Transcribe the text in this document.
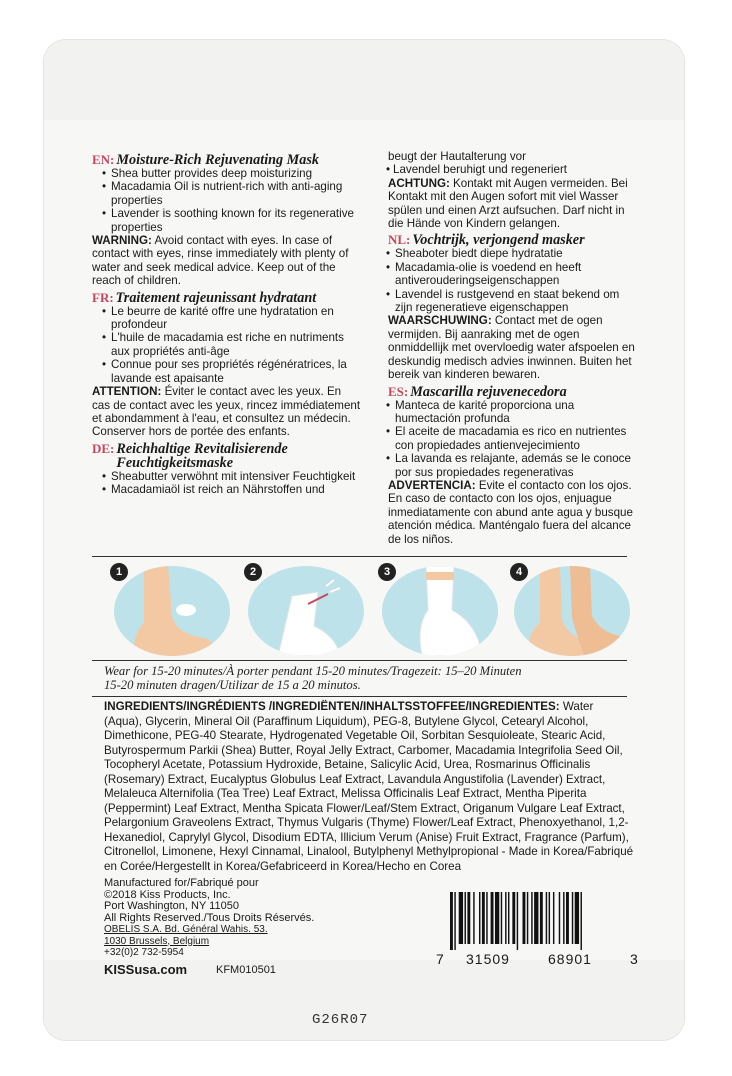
EN: Moisture-Rich Rejuvenating Mask
• Shea butter provides deep moisturizing
• Macadamia Oil is nutrient-rich with anti-aging properties
• Lavender is soothing known for its regenerative properties

WARNING: Avoid contact with eyes. In case of contact with eyes, rinse immediately with plenty of water and seek medical advice. Keep out of the reach of children.

FR: Traitement rajeunissant hydratant
• Le beurre de karité offre une hydratation en profondeur
• L'huile de macadamia est riche en nutriments aux propriétés anti-âge
• Connue pour ses propriétés régénératrices, la lavande est apaisante

ATTENTION: Éviter le contact avec les yeux. En cas de contact avec les yeux, rincez immédiatement et abondamment à l'eau, et consultez un médecin. Conserver hors de portée des enfants.

DE: Reichhaltige Revitalisierende Feuchtigkeitsmaske
• Sheabutter verwöhnt mit intensiver Feuchtigkeit
• Macadamiaöl ist reich an Nährstoffen und

beugt der Hautalterung vor

• Lavendel beruhigt und regeneriert

ACHTUNG: Kontakt mit Augen vermeiden. Bei Kontakt mit den Augen sofort mit viel Wasser spülen und einen Arzt aufsuchen. Darf nicht in die Hände von Kindern gelangen.

NL: Vochtrijk, verjongend masker
• Sheaboter biedt diepe hydratatie
• Macadamia-olie is voedend en heeft antiverouderingseigenschappen
• Lavendel is rustgevend en staat bekend om zijn regeneratieve eigenschappen

WAARSCHUWING: Contact met de ogen vermijden. Bij aanraking met de ogen onmiddellijk met overvloedig water afspoelen en deskundig medisch advies inwinnen. Buiten het bereik van kinderen bewaren.

ES: Mascarilla rejuvenecedora
• Manteca de karité proporciona una humectación profunda
• El aceite de macadamia es rico en nutrientes con propiedades antienvejecimiento
• La lavanda es relajante, además se le conoce por sus propiedades regenerativas

ADVERTENCIA: Evite el contacto con los ojos. En caso de contacto con los ojos, enjuague inmediatamente con abund ante agua y busque atención médica. Manténgalo fuera del alcance de los niños.

1	2	3	4
Wear for 15-20 minutes/À porter pendant 15-20 minutes/Tragezeit: 15–20 Minuten
15-20 minuten dragen/Utilizar de 15 a 20 minutos.

INGREDIENTS/INGRÉDIENTS /INGREDIËNTEN/INHALTSSTOFFEE/INGREDIENTES: Water (Aqua), Glycerin, Mineral Oil (Paraffinum Liquidum), PEG-8, Butylene Glycol, Cetearyl Alcohol, Dimethicone, PEG-40 Stearate, Hydrogenated Vegetable Oil, Sorbitan Sesquioleate, Stearic Acid, Butyrospermum Parkii (Shea) Butter, Royal Jelly Extract, Carbomer, Macadamia Integrifolia Seed Oil, Tocopheryl Acetate, Potassium Hydroxide, Betaine, Salicylic Acid, Urea, Rosmarinus Officinalis (Rosemary) Extract, Eucalyptus Globulus Leaf Extract, Lavandula Angustifolia (Lavender) Extract, Melaleuca Alternifolia (Tea Tree) Leaf Extract, Melissa Officinalis Leaf Extract, Mentha Piperita (Peppermint) Leaf Extract, Mentha Spicata Flower/Leaf/Stem Extract, Origanum Vulgare Leaf Extract, Pelargonium Graveolens Extract, Thymus Vulgaris (Thyme) Flower/Leaf Extract, Phenoxyethanol, 1,2-Hexanediol, Caprylyl Glycol, Disodium EDTA, Illicium Verum (Anise) Fruit Extract, Fragrance (Parfum), Citronellol, Limonene, Hexyl Cinnamal, Linalool, Butylphenyl Methylpropional - Made in Korea/Fabriqué en Corée/Hergestellt in Korea/Gefabriceerd in Korea/Hecho en Corea

Manufactured for/Fabriqué pour

©2018 Kiss Products, Inc.

Port Washington, NY 11050

All Rights Reserved./Tous Droits Réservés.

OBELIS S.A. Bd. Général Wahis. 53.

1030 Brussels, Belgium

+32(0)2 732-5954

KISSusa.com	KFM010501
7 31509	68901	3
G26R07
